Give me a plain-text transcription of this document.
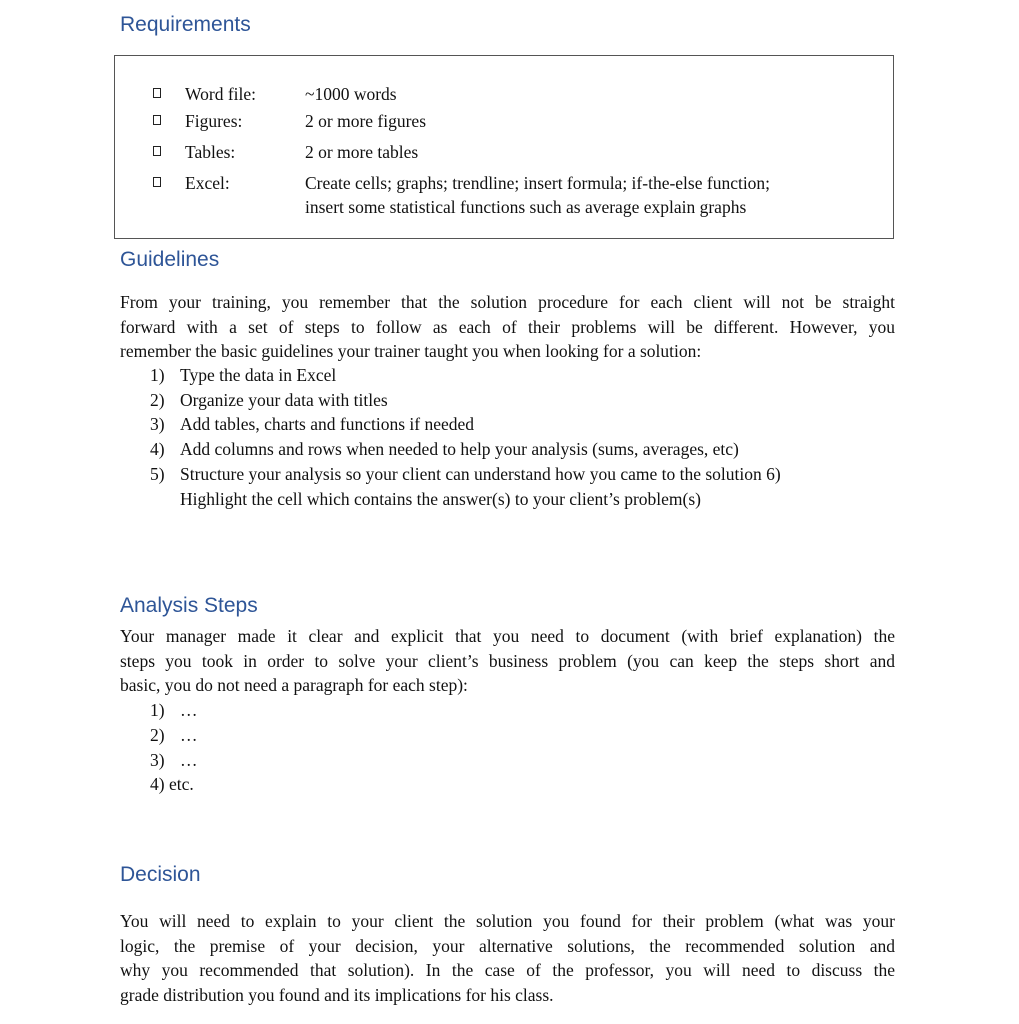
Requirements
Word file:	~1000 words
Figures:	2 or more figures
Tables:	2 or more tables
Excel:	Create cells; graphs; trendline; insert formula; if-the-else function;
insert some statistical functions such as average explain graphs
Guidelines
From your training, you remember that the solution procedure for each client will not be straight
forward with a set of steps to follow as each of their problems will be different. However, you
remember the basic guidelines your trainer taught you when looking for a solution:
1) Type the data in Excel
2) Organize your data with titles
3) Add tables, charts and functions if needed
4) Add columns and rows when needed to help your analysis (sums, averages, etc)
5) Structure your analysis so your client can understand how you came to the solution 6)
Highlight the cell which contains the answer(s) to your client’s problem(s)
Analysis Steps
Your manager made it clear and explicit that you need to document (with brief explanation) the
steps you took in order to solve your client’s business problem (you can keep the steps short and
basic, you do not need a paragraph for each step):
1) …
2) …
3) …
4) etc.
Decision
You will need to explain to your client the solution you found for their problem (what was your
logic, the premise of your decision, your alternative solutions, the recommended solution and
why you recommended that solution). In the case of the professor, you will need to discuss the
grade distribution you found and its implications for his class.
